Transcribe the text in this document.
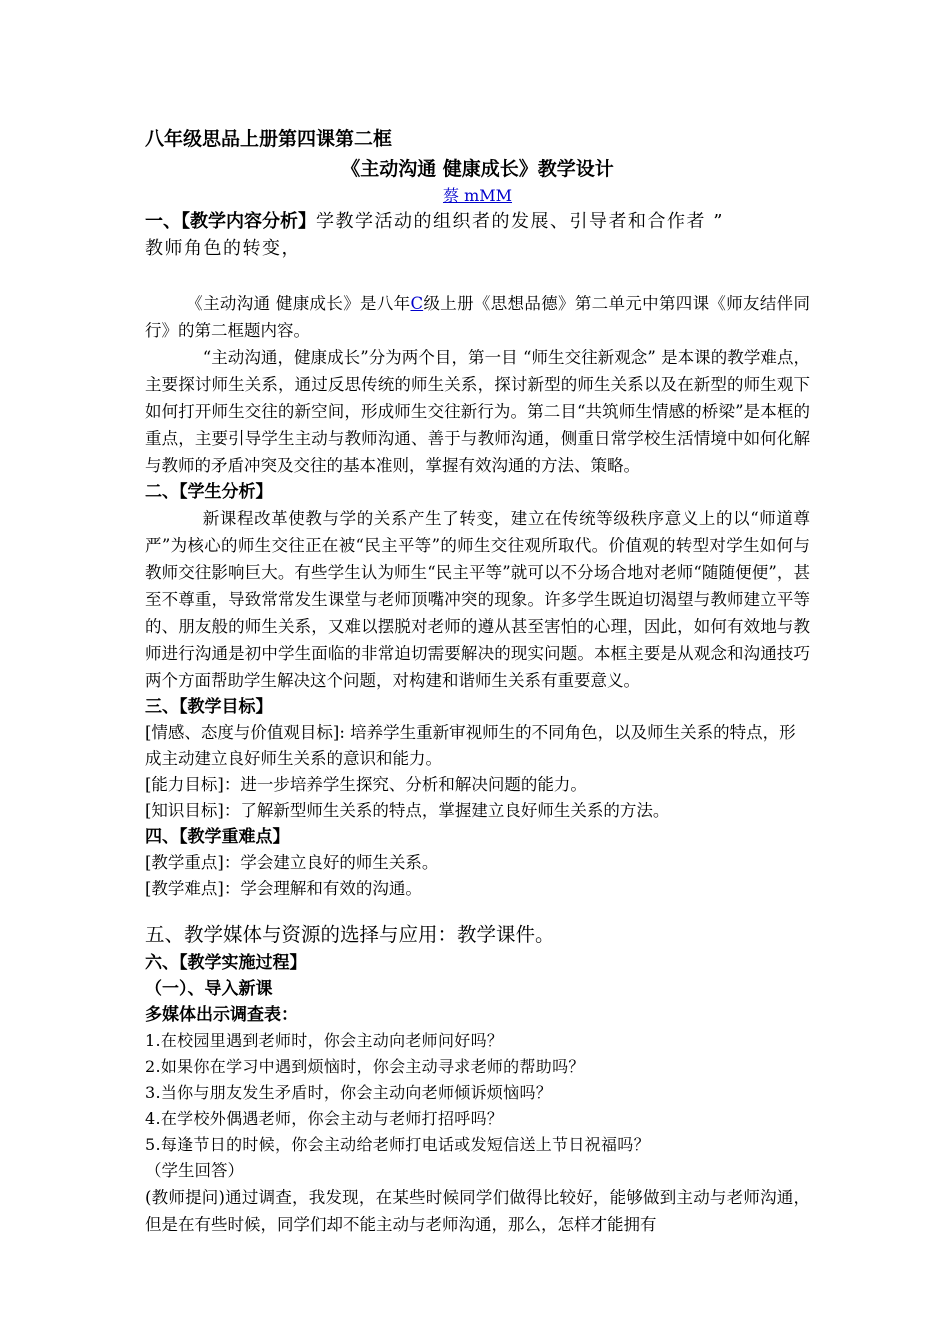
八年级思品上册第四课第二框
《主动沟通 健康成长》教学设计
蔡 mMM
一、【教学内容分析】学教学活动的组织者的发展、引导者和合作者 ”
教师角色的转变，
《主动沟通 健康成长》是八年C级上册《思想品德》第二单元中第四课《师友结伴同行》的第二框题内容。
“主动沟通，健康成长”分为两个目，第一目 “师生交往新观念” 是本课的教学难点，主要探讨师生关系，通过反思传统的师生关系，探讨新型的师生关系以及在新型的师生观下如何打开师生交往的新空间，形成师生交往新行为。第二目“共筑师生情感的桥梁”是本框的重点，主要引导学生主动与教师沟通、善于与教师沟通，侧重日常学校生活情境中如何化解与教师的矛盾冲突及交往的基本准则，掌握有效沟通的方法、策略。
二、【学生分析】
新课程改革使教与学的关系产生了转变，建立在传统等级秩序意义上的以“师道尊严”为核心的师生交往正在被“民主平等”的师生交往观所取代。价值观的转型对学生如何与教师交往影响巨大。有些学生认为师生“民主平等”就可以不分场合地对老师“随随便便”，甚至不尊重，导致常常发生课堂与老师顶嘴冲突的现象。许多学生既迫切渴望与教师建立平等的、朋友般的师生关系，又难以摆脱对老师的遵从甚至害怕的心理，因此，如何有效地与教师进行沟通是初中学生面临的非常迫切需要解决的现实问题。本框主要是从观念和沟通技巧两个方面帮助学生解决这个问题，对构建和谐师生关系有重要意义。
三、【教学目标】
[情感、态度与价值观目标]: 培养学生重新审视师生的不同角色，以及师生关系的特点，形成主动建立良好师生关系的意识和能力。
[能力目标]：进一步培养学生探究、分析和解决问题的能力。
[知识目标]：了解新型师生关系的特点，掌握建立良好师生关系的方法。
四、【教学重难点】
[教学重点]：学会建立良好的师生关系。
[教学难点]：学会理解和有效的沟通。
五、教学媒体与资源的选择与应用：教学课件。
六、【教学实施过程】
（一）、导入新课
多媒体出示调查表：
1.在校园里遇到老师时，你会主动向老师问好吗？
2.如果你在学习中遇到烦恼时，你会主动寻求老师的帮助吗？
3.当你与朋友发生矛盾时，你会主动向老师倾诉烦恼吗？
4.在学校外偶遇老师，你会主动与老师打招呼吗？
5.每逢节日的时候，你会主动给老师打电话或发短信送上节日祝福吗？
（学生回答）
(教师提问)通过调查，我发现，在某些时候同学们做得比较好，能够做到主动与老师沟通，但是在有些时候，同学们却不能主动与老师沟通，那么，怎样才能拥有
